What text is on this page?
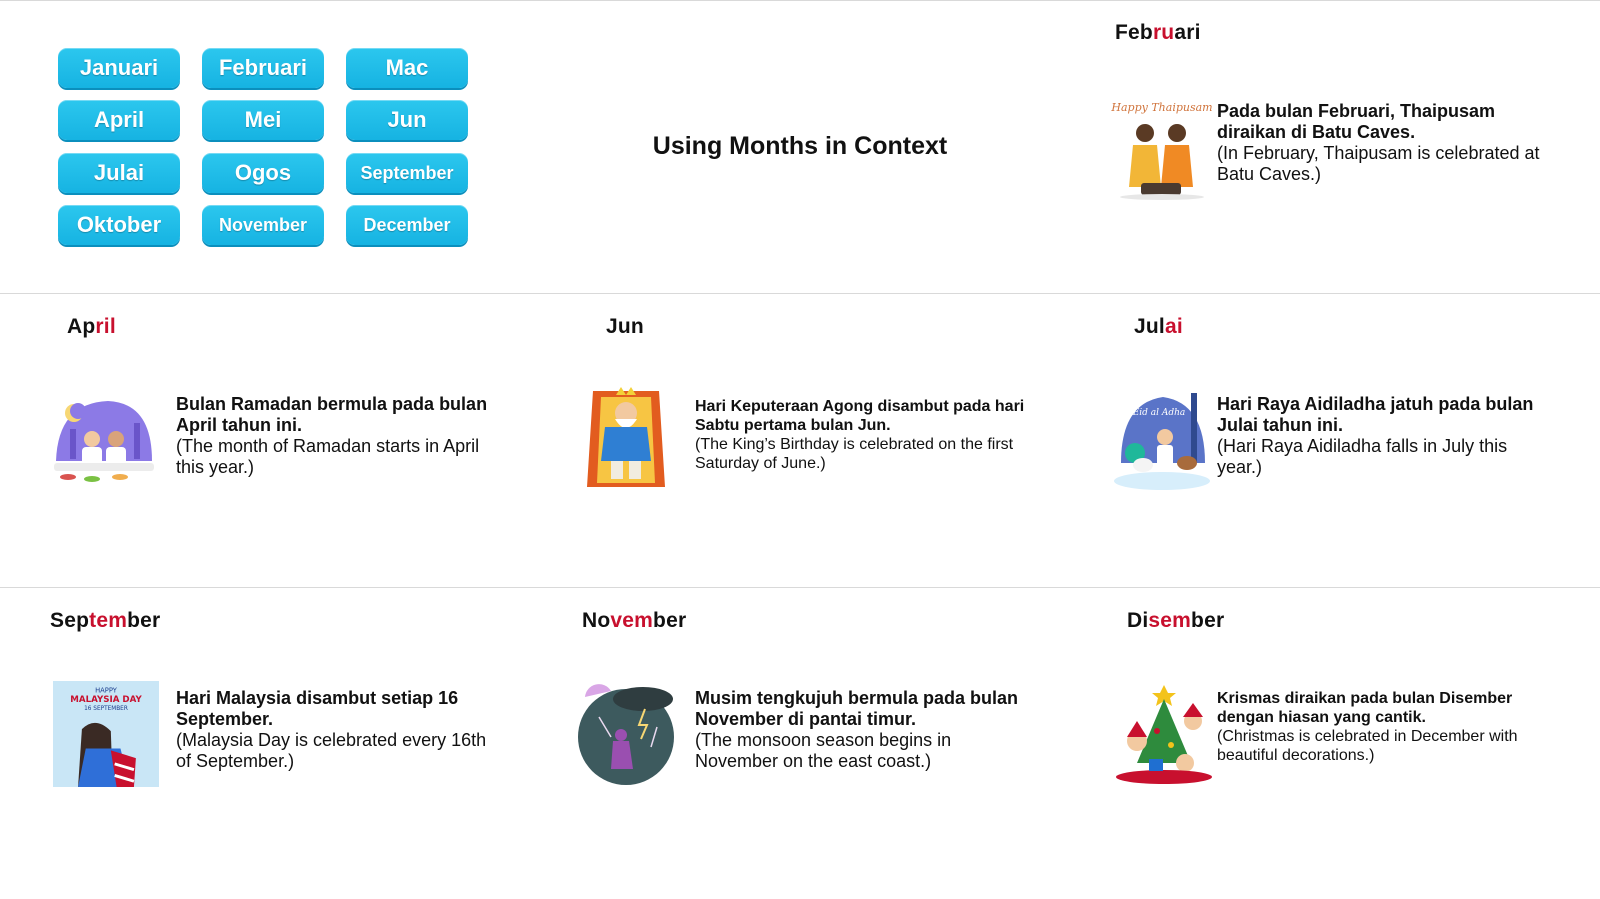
Januari	Februari	Mac
April	Mei	Jun
Julai	Ogos	September
Oktober	November	December
Using Months in Context
Februari
Happy Thaipusam Pada bulan Februari, Thaipusam diraikan di Batu Caves.
(In February, Thaipusam is celebrated at Batu Caves.)
April
Bulan Ramadan bermula pada bulan April tahun ini.
(The month of Ramadan starts in April this year.)
Jun
Hari Keputeraan Agong disambut pada hari Sabtu pertama bulan Jun.
(The King’s Birthday is celebrated on the first Saturday of June.)
Julai
Eid al Adha Hari Raya Aidiladha jatuh pada bulan Julai tahun ini.
(Hari Raya Aidiladha falls in July this year.)
September
HAPPY
MALAYSIA DAY
16 SEPTEMBER
Hari Malaysia disambut setiap 16 September.
(Malaysia Day is celebrated every 16th of September.)
November
Musim tengkujuh bermula pada bulan November di pantai timur.
(The monsoon season begins in November on the east coast.)
Disember
Krismas diraikan pada bulan Disember dengan hiasan yang cantik.
(Christmas is celebrated in December with beautiful decorations.)
